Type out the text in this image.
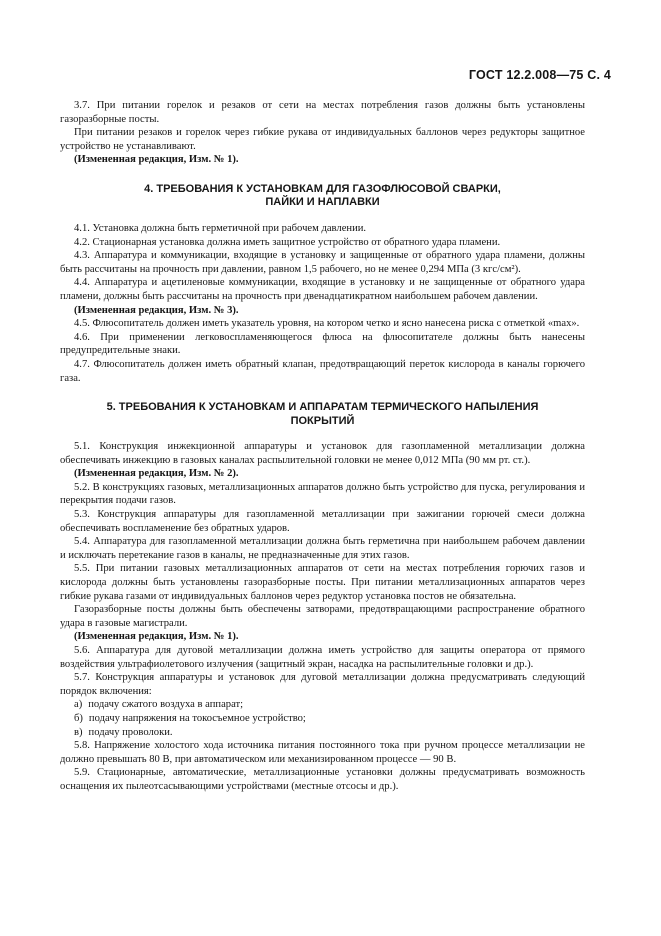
ГОСТ 12.2.008—75 С. 4

3.7. При питании горелок и резаков от сети на местах потребления газов должны быть установлены газоразборные посты.

При питании резаков и горелок через гибкие рукава от индивидуальных баллонов через редукторы защитное устройство не устанавливают.

(Измененная редакция, Изм. № 1).

4. ТРЕБОВАНИЯ К УСТАНОВКАМ ДЛЯ ГАЗОФЛЮСОВОЙ СВАРКИ, ПАЙКИ И НАПЛАВКИ

4.1. Установка должна быть герметичной при рабочем давлении.

4.2. Стационарная установка должна иметь защитное устройство от обратного удара пламени.

4.3. Аппаратура и коммуникации, входящие в установку и защищенные от обратного удара пламени, должны быть рассчитаны на прочность при давлении, равном 1,5 рабочего, но не менее 0,294 МПа (3 кгс/см²).

4.4. Аппаратура и ацетиленовые коммуникации, входящие в установку и не защищенные от обратного удара пламени, должны быть рассчитаны на прочность при двенадцатикратном наибольшем рабочем давлении.

(Измененная редакция, Изм. № 3).

4.5. Флюсопитатель должен иметь указатель уровня, на котором четко и ясно нанесена риска с отметкой «max».

4.6. При применении легковоспламеняющегося флюса на флюсопитателе должны быть нанесены предупредительные знаки.

4.7. Флюсопитатель должен иметь обратный клапан, предотвращающий переток кислорода в каналы горючего газа.

5. ТРЕБОВАНИЯ К УСТАНОВКАМ И АППАРАТАМ ТЕРМИЧЕСКОГО НАПЫЛЕНИЯ ПОКРЫТИЙ

5.1. Конструкция инжекционной аппаратуры и установок для газопламенной металлизации должна обеспечивать инжекцию в газовых каналах распылительной головки не менее 0,012 МПа (90 мм рт. ст.).

(Измененная редакция, Изм. № 2).

5.2. В конструкциях газовых, металлизационных аппаратов должно быть устройство для пуска, регулирования и перекрытия подачи газов.

5.3. Конструкция аппаратуры для газопламенной металлизации при зажигании горючей смеси должна обеспечивать воспламенение без обратных ударов.

5.4. Аппаратура для газопламенной металлизации должна быть герметична при наибольшем рабочем давлении и исключать перетекание газов в каналы, не предназначенные для этих газов.

5.5. При питании газовых металлизационных аппаратов от сети на местах потребления горючих газов и кислорода должны быть установлены газоразборные посты. При питании металлизационных аппаратов через гибкие рукава газами от индивидуальных баллонов через редуктор установка постов не обязательна.

Газоразборные посты должны быть обеспечены затворами, предотвращающими распространение обратного удара в газовые магистрали.

(Измененная редакция, Изм. № 1).

5.6. Аппаратура для дуговой металлизации должна иметь устройство для защиты оператора от прямого воздействия ультрафиолетового излучения (защитный экран, насадка на распылительные головки и др.).

5.7. Конструкция аппаратуры и установок для дуговой металлизации должна предусматривать следующий порядок включения:

а) подачу сжатого воздуха в аппарат;
б) подачу напряжения на токосъемное устройство;
в) подачу проволоки.

5.8. Напряжение холостого хода источника питания постоянного тока при ручном процессе металлизации не должно превышать 80 В, при автоматическом или механизированном процессе — 90 В.

5.9. Стационарные, автоматические, металлизационные установки должны предусматривать возможность оснащения их пылеотсасывающими устройствами (местные отсосы и др.).
